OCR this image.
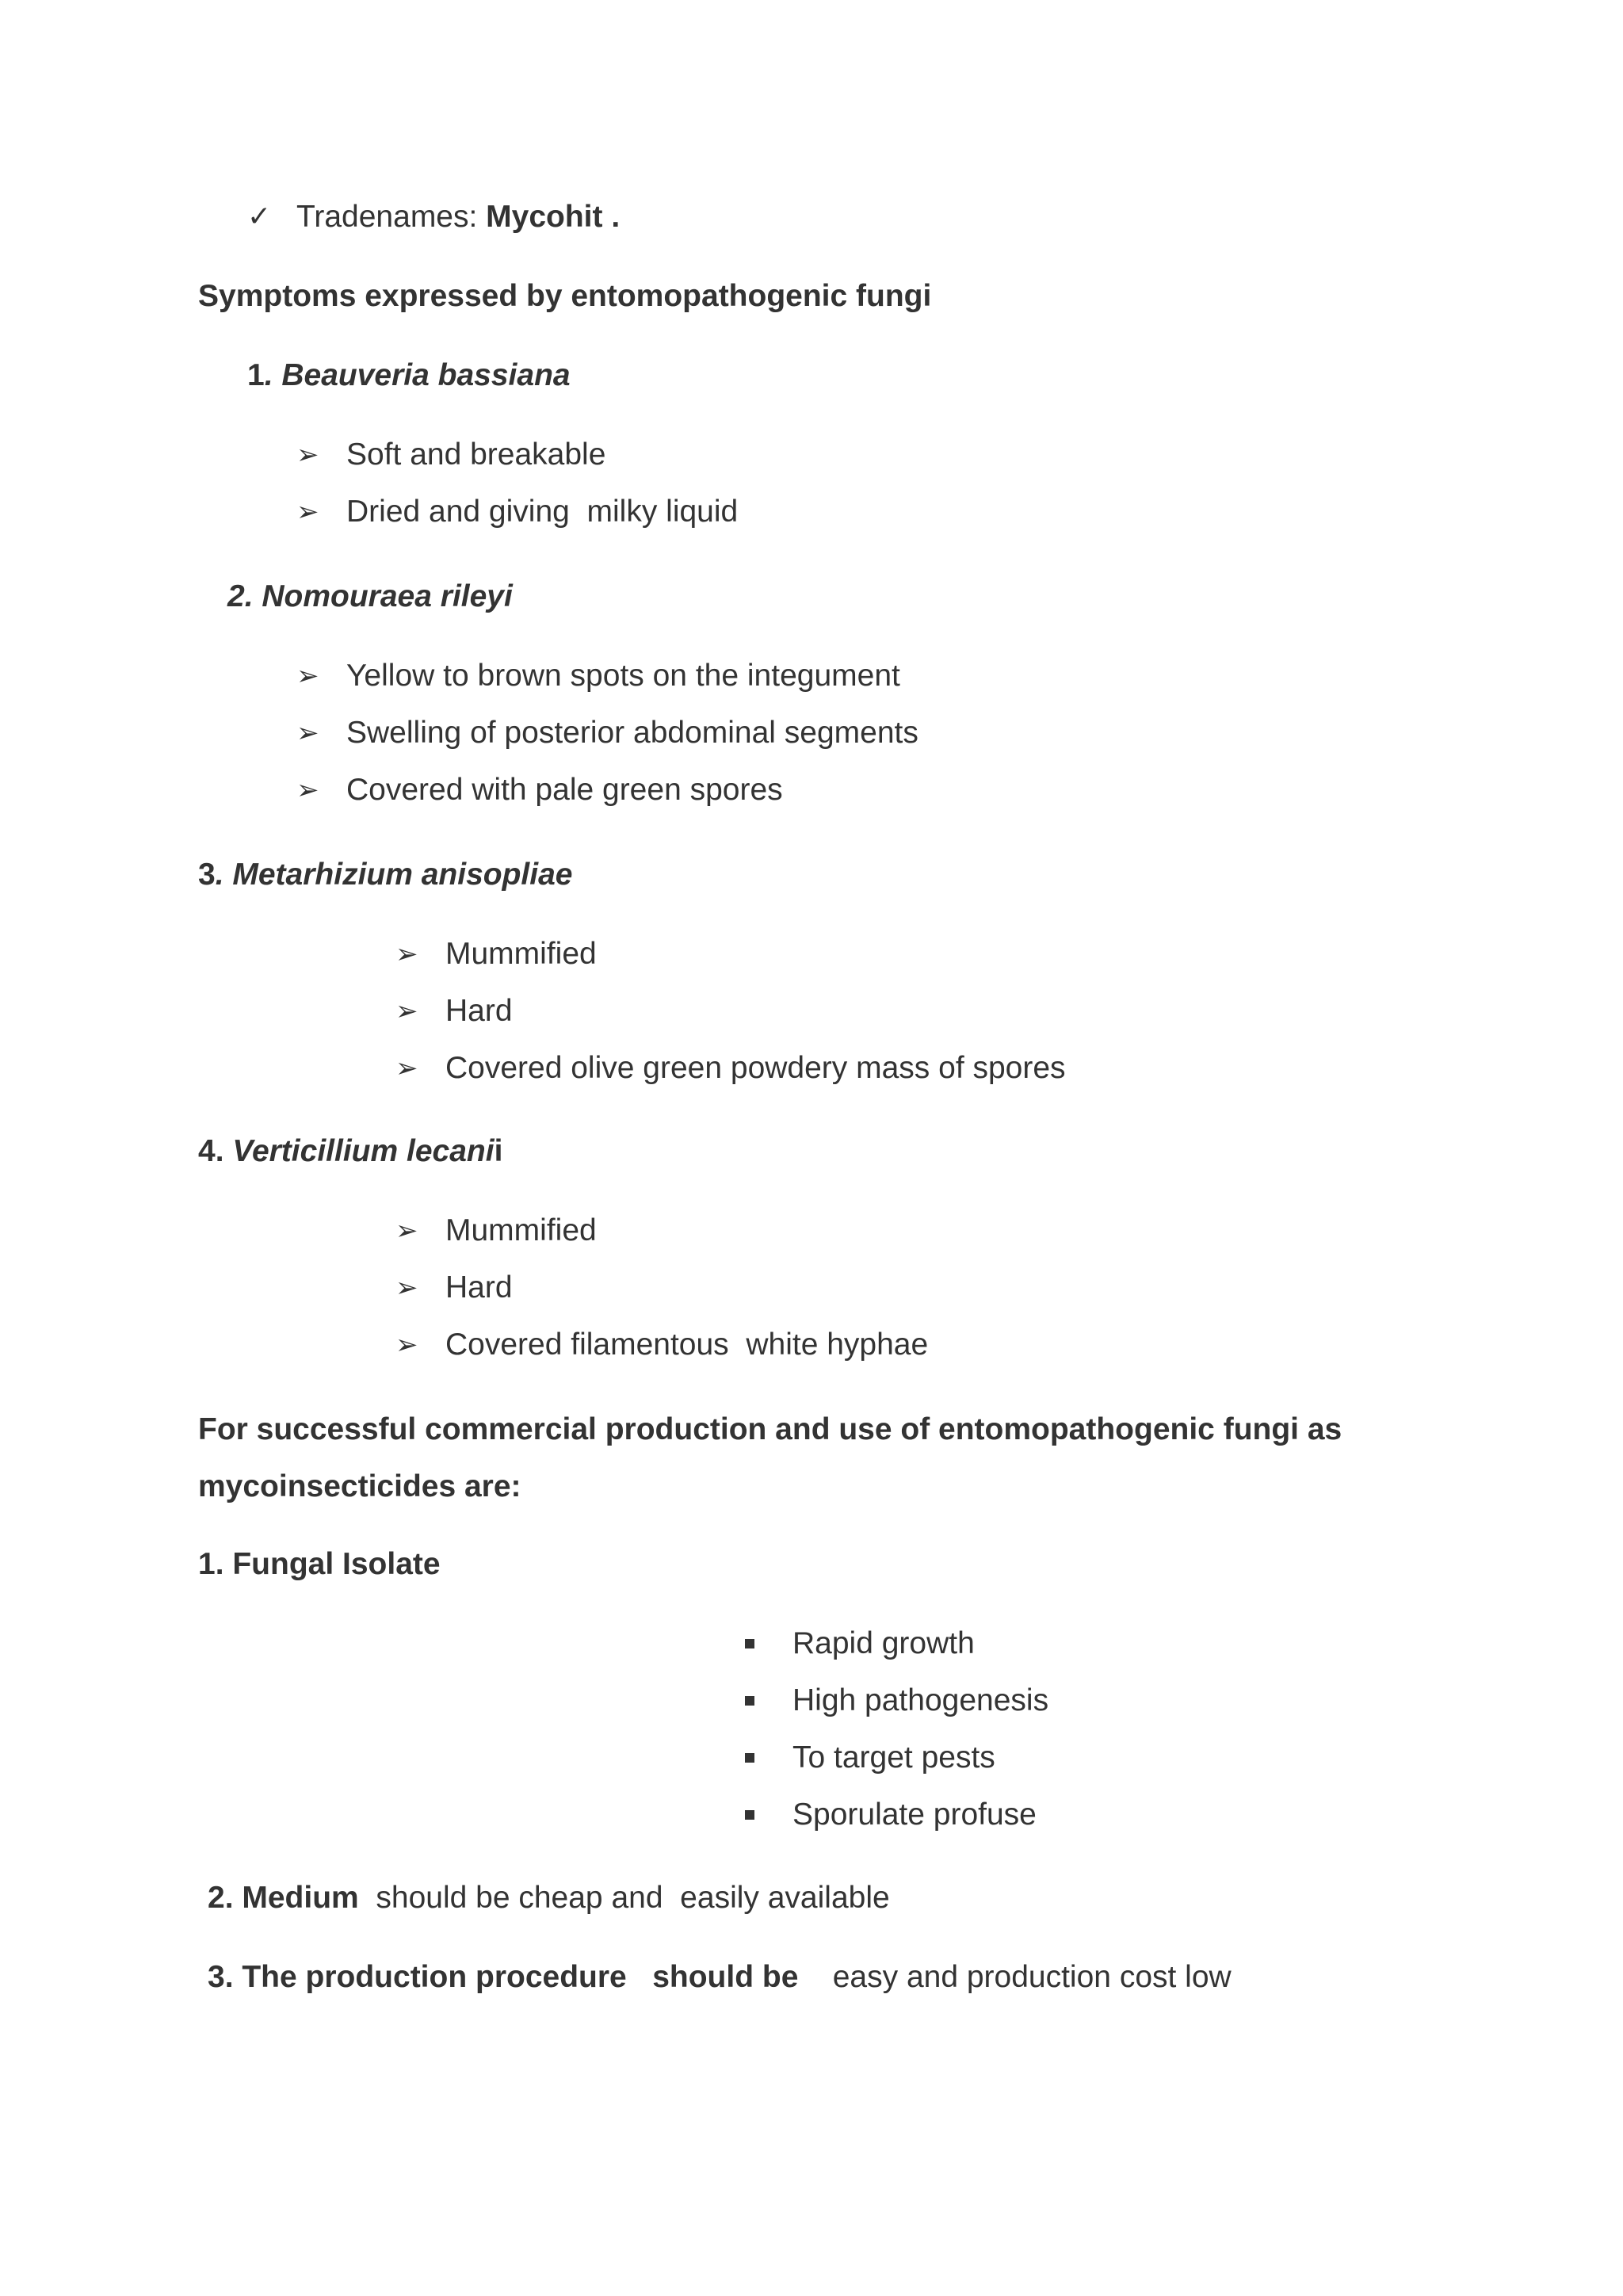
✓ Tradenames: Mycohit .
Symptoms expressed by entomopathogenic fungi
1. Beauveria bassiana
➢ Soft and breakable
➢ Dried and giving  milky liquid
2. Nomouraea rileyi
➢ Yellow to brown spots on the integument
➢ Swelling of posterior abdominal segments
➢ Covered with pale green spores
3. Metarhizium anisopliae
➢ Mummified
➢ Hard
➢ Covered olive green powdery mass of spores
4. Verticillium lecanii
➢ Mummified
➢ Hard
➢ Covered filamentous  white hyphae
For successful commercial production and use of entomopathogenic fungi as
mycoinsecticides are:
1. Fungal Isolate
Rapid growth
High pathogenesis
To target pests
Sporulate profuse
2. Medium  should be cheap and  easily available
3. The production procedure   should be    easy and production cost low
